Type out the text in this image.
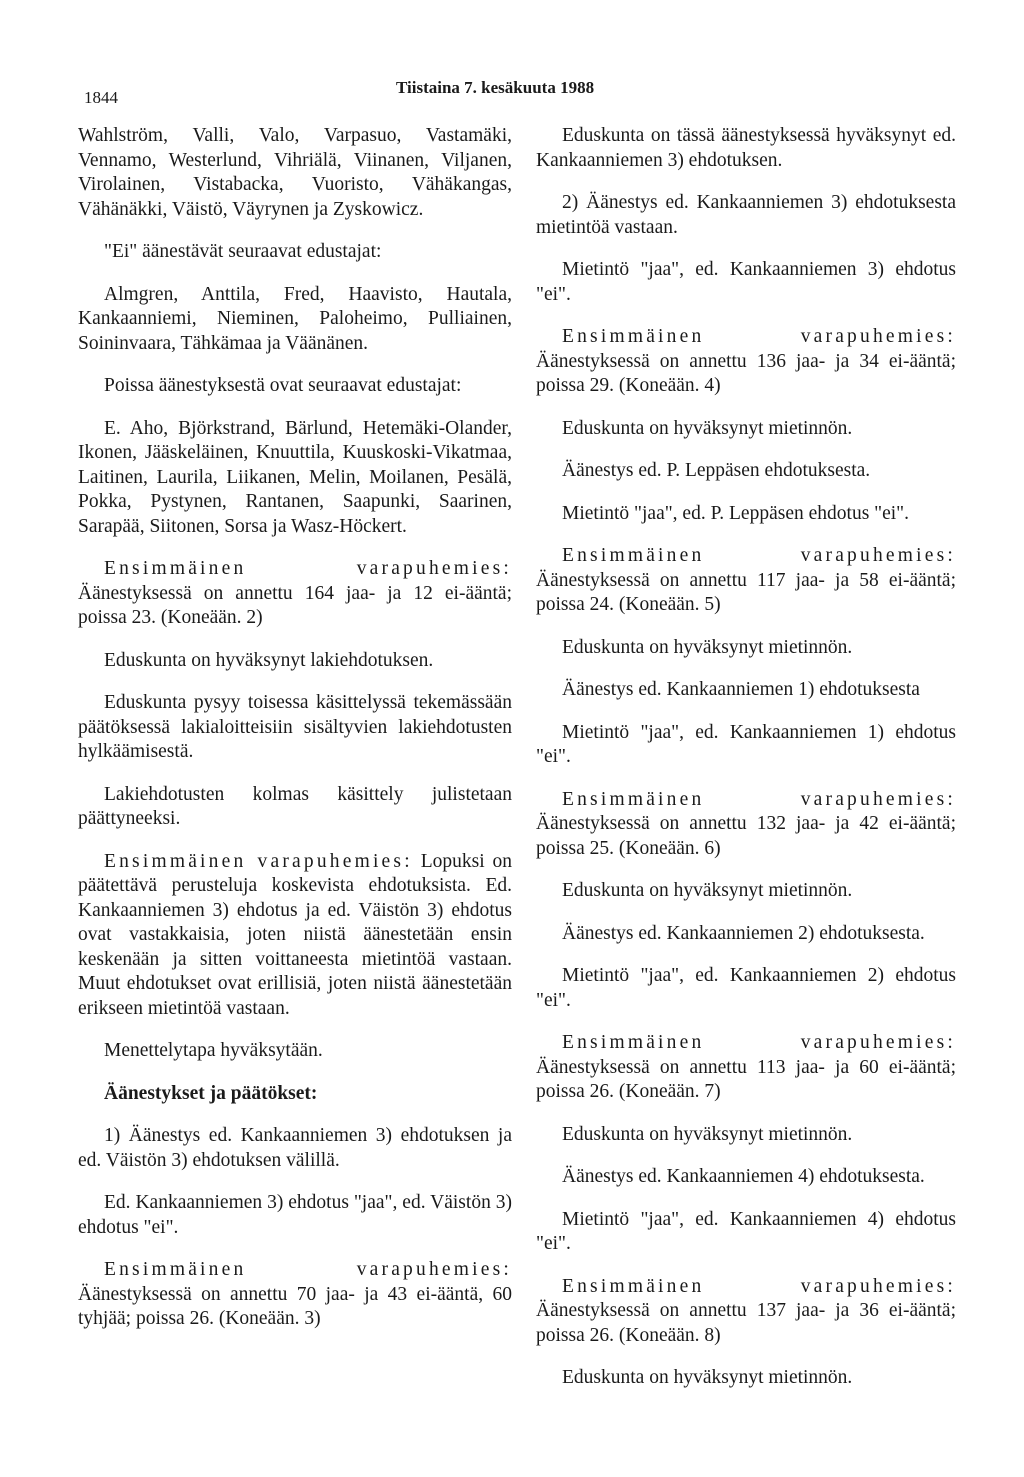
1844
Tiistaina 7. kesäkuuta 1988

Wahlström, Valli, Valo, Varpasuo, Vastamäki, Vennamo, Westerlund, Vihriälä, Viinanen, Viljanen, Virolainen, Vistabacka, Vuoristo, Vähäkangas, Vähänäkki, Väistö, Väyrynen ja Zyskowicz.

"Ei" äänestävät seuraavat edustajat:

Almgren, Anttila, Fred, Haavisto, Hautala, Kankaanniemi, Nieminen, Paloheimo, Pulliainen, Soininvaara, Tähkämaa ja Väänänen.

Poissa äänestyksestä ovat seuraavat edustajat:

E. Aho, Björkstrand, Bärlund, Hetemäki-Olander, Ikonen, Jääskeläinen, Knuuttila, Kuuskoski-Vikatmaa, Laitinen, Laurila, Liikanen, Melin, Moilanen, Pesälä, Pokka, Pystynen, Rantanen, Saapunki, Saarinen, Sarapää, Siitonen, Sorsa ja Wasz-Höckert.

Ensimmäinen varapuhemies: Äänestyksessä on annettu 164 jaa- ja 12 ei-ääntä; poissa 23. (Koneään. 2)

Eduskunta on hyväksynyt lakiehdotuksen.

Eduskunta pysyy toisessa käsittelyssä tekemässään päätöksessä lakialoitteisiin sisältyvien lakiehdotusten hylkäämisestä.

Lakiehdotusten kolmas käsittely julistetaan päättyneeksi.

Ensimmäinen varapuhemies: Lopuksi on päätettävä perusteluja koskevista ehdotuksista. Ed. Kankaanniemen 3) ehdotus ja ed. Väistön 3) ehdotus ovat vastakkaisia, joten niistä äänestetään ensin keskenään ja sitten voittaneesta mietintöä vastaan. Muut ehdotukset ovat erillisiä, joten niistä äänestetään erikseen mietintöä vastaan.

Menettelytapa hyväksytään.

Äänestykset ja päätökset:

1) Äänestys ed. Kankaanniemen 3) ehdotuksen ja ed. Väistön 3) ehdotuksen välillä.

Ed. Kankaanniemen 3) ehdotus "jaa", ed. Väistön 3) ehdotus "ei".

Ensimmäinen varapuhemies: Äänestyksessä on annettu 70 jaa- ja 43 ei-ääntä, 60 tyhjää; poissa 26. (Koneään. 3)

Eduskunta on tässä äänestyksessä hyväksynyt ed. Kankaanniemen 3) ehdotuksen.

2) Äänestys ed. Kankaanniemen 3) ehdotuksesta mietintöä vastaan.

Mietintö "jaa", ed. Kankaanniemen 3) ehdotus "ei".

Ensimmäinen varapuhemies: Äänestyksessä on annettu 136 jaa- ja 34 ei-ääntä; poissa 29. (Koneään. 4)

Eduskunta on hyväksynyt mietinnön.

Äänestys ed. P. Leppäsen ehdotuksesta.

Mietintö "jaa", ed. P. Leppäsen ehdotus "ei".

Ensimmäinen varapuhemies: Äänestyksessä on annettu 117 jaa- ja 58 ei-ääntä; poissa 24. (Koneään. 5)

Eduskunta on hyväksynyt mietinnön.

Äänestys ed. Kankaanniemen 1) ehdotuksesta

Mietintö "jaa", ed. Kankaanniemen 1) ehdotus "ei".

Ensimmäinen varapuhemies: Äänestyksessä on annettu 132 jaa- ja 42 ei-ääntä; poissa 25. (Koneään. 6)

Eduskunta on hyväksynyt mietinnön.

Äänestys ed. Kankaanniemen 2) ehdotuksesta.

Mietintö "jaa", ed. Kankaanniemen 2) ehdotus "ei".

Ensimmäinen varapuhemies: Äänestyksessä on annettu 113 jaa- ja 60 ei-ääntä; poissa 26. (Koneään. 7)

Eduskunta on hyväksynyt mietinnön.

Äänestys ed. Kankaanniemen 4) ehdotuksesta.

Mietintö "jaa", ed. Kankaanniemen 4) ehdotus "ei".

Ensimmäinen varapuhemies: Äänestyksessä on annettu 137 jaa- ja 36 ei-ääntä; poissa 26. (Koneään. 8)

Eduskunta on hyväksynyt mietinnön.
